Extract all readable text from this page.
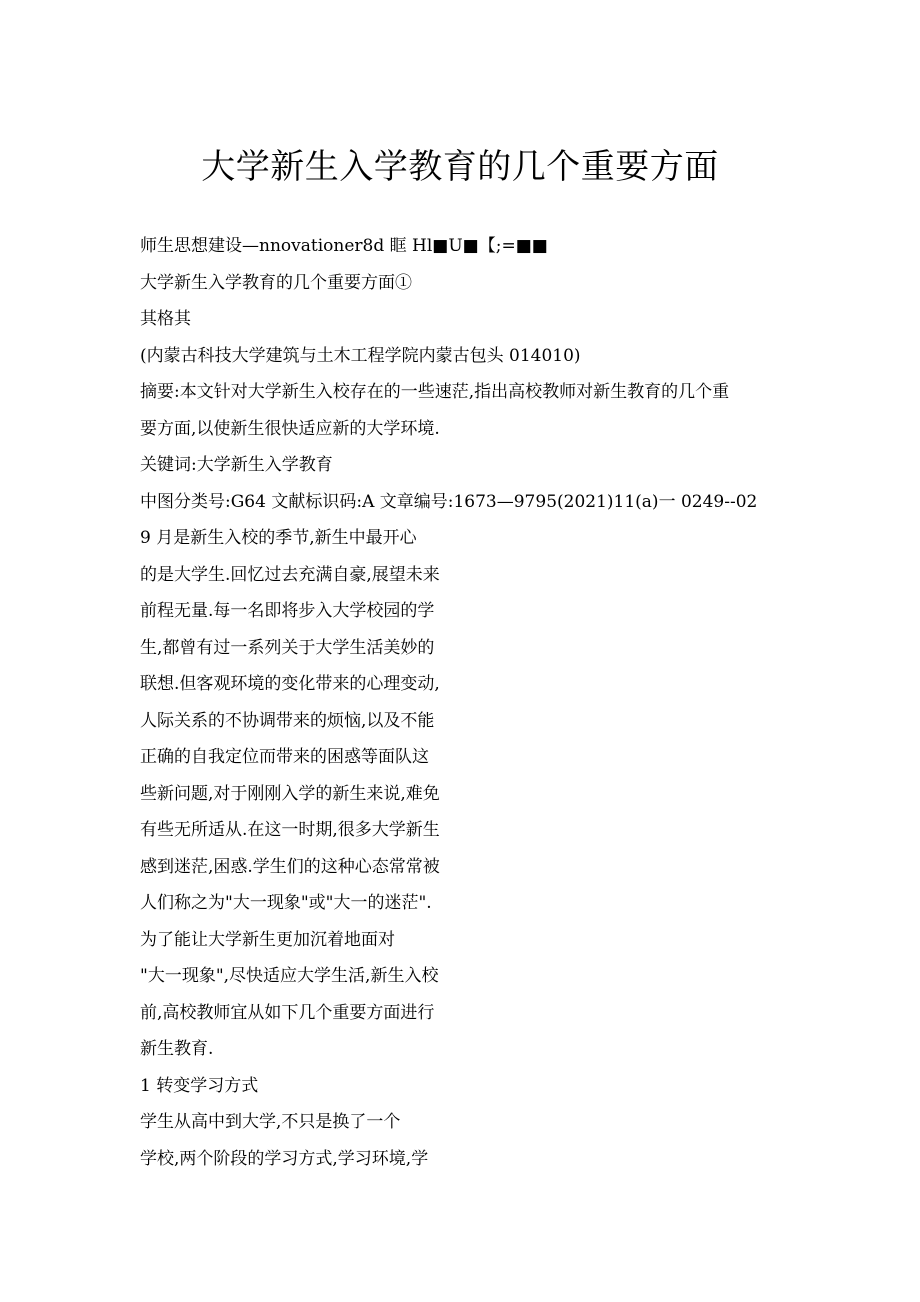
大学新生入学教育的几个重要方面
师生思想建设—nnovationer8d 眶 Hl■U■【;=■■
大学新生入学教育的几个重要方面①
其格其
(内蒙古科技大学建筑与土木工程学院内蒙古包头 014010)
摘要:本文针对大学新生入校存在的一些速茫,指出高校教师对新生教育的几个重
要方面,以使新生很快适应新的大学环境.
关键词:大学新生入学教育
中图分类号:G64 文献标识码:A 文章编号:1673—9795(2021)11(a)一 0249--02
9 月是新生入校的季节,新生中最开心
的是大学生.回忆过去充满自豪,展望未来
前程无量.每一名即将步入大学校园的学
生,都曾有过一系列关于大学生活美妙的
联想.但客观环境的变化带来的心理变动,
人际关系的不协调带来的烦恼,以及不能
正确的自我定位而带来的困惑等面队这
些新问题,对于刚刚入学的新生来说,难免
有些无所适从.在这一时期,很多大学新生
感到迷茫,困惑.学生们的这种心态常常被
人们称之为"大一现象"或"大一的迷茫".
为了能让大学新生更加沉着地面对
"大一现象",尽快适应大学生活,新生入校
前,高校教师宜从如下几个重要方面进行
新生教育.
1 转变学习方式
学生从高中到大学,不只是换了一个
学校,两个阶段的学习方式,学习环境,学
